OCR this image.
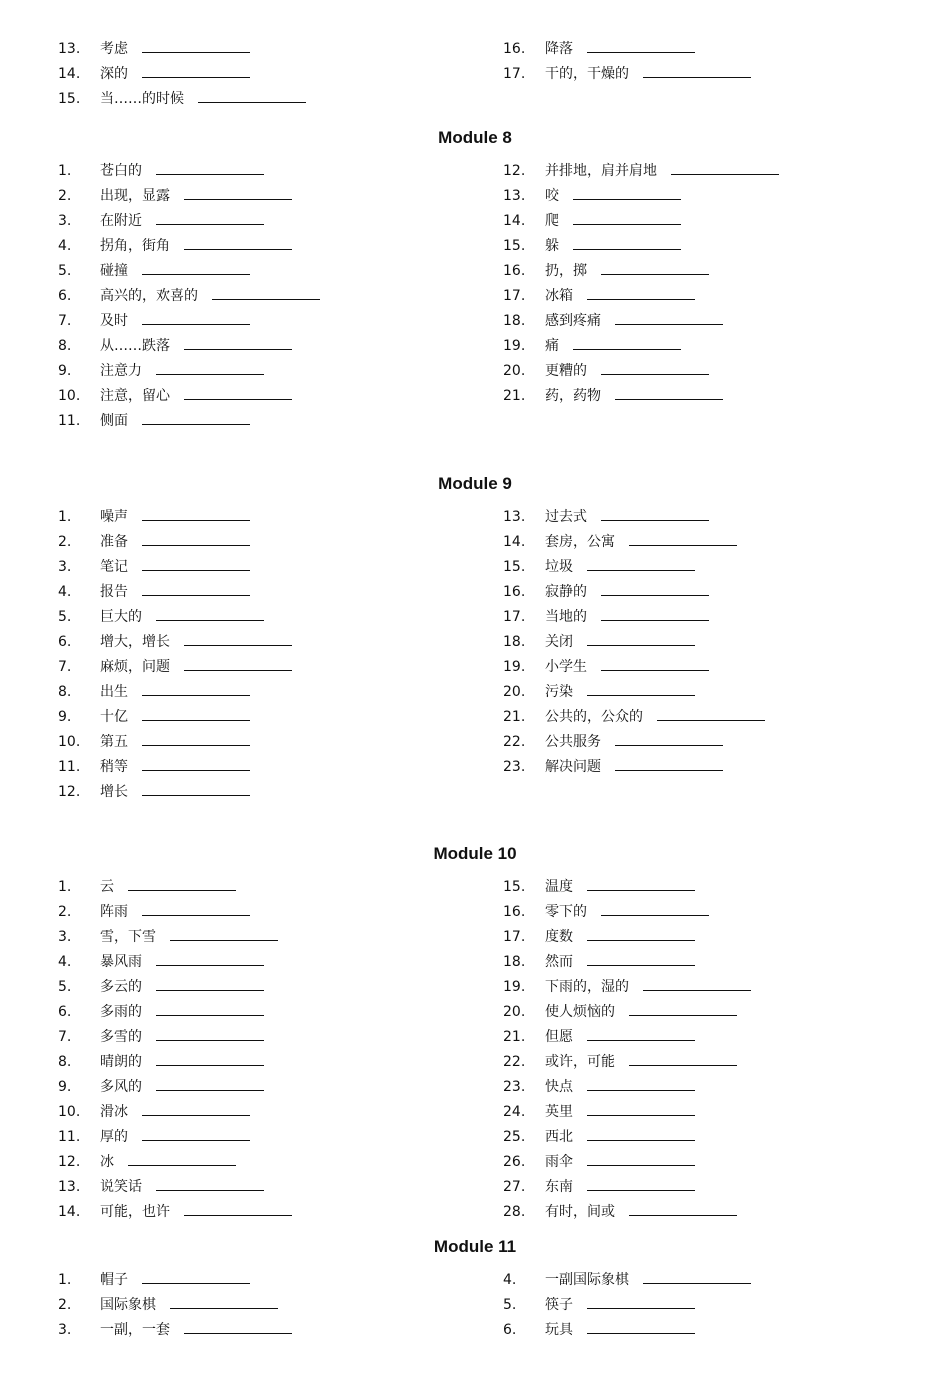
13. 考虑
14. 深的
15. 当……的时候
16. 降落
17. 干的，干燥的
Module 8
1. 苍白的
2. 出现，显露
3. 在附近
4. 拐角，街角
5. 碰撞
6. 高兴的，欢喜的
7. 及时
8. 从……跌落
9. 注意力
10. 注意，留心
11. 侧面
12. 并排地，肩并肩地
13. 咬
14. 爬
15. 躲
16. 扔，掷
17. 冰箱
18. 感到疼痛
19. 痛
20. 更糟的
21. 药，药物
Module 9
1. 噪声
2. 准备
3. 笔记
4. 报告
5. 巨大的
6. 增大，增长
7. 麻烦，问题
8. 出生
9. 十亿
10. 第五
11. 稍等
12. 增长
13. 过去式
14. 套房，公寓
15. 垃圾
16. 寂静的
17. 当地的
18. 关闭
19. 小学生
20. 污染
21. 公共的，公众的
22. 公共服务
23. 解决问题
Module 10
1. 云
2. 阵雨
3. 雪，下雪
4. 暴风雨
5. 多云的
6. 多雨的
7. 多雪的
8. 晴朗的
9. 多风的
10. 滑冰
11. 厚的
12. 冰
13. 说笑话
14. 可能，也许
15. 温度
16. 零下的
17. 度数
18. 然而
19. 下雨的，湿的
20. 使人烦恼的
21. 但愿
22. 或许，可能
23. 快点
24. 英里
25. 西北
26. 雨伞
27. 东南
28. 有时，间或
Module 11
1. 帽子
2. 国际象棋
3. 一副，一套
4. 一副国际象棋
5. 筷子
6. 玩具
